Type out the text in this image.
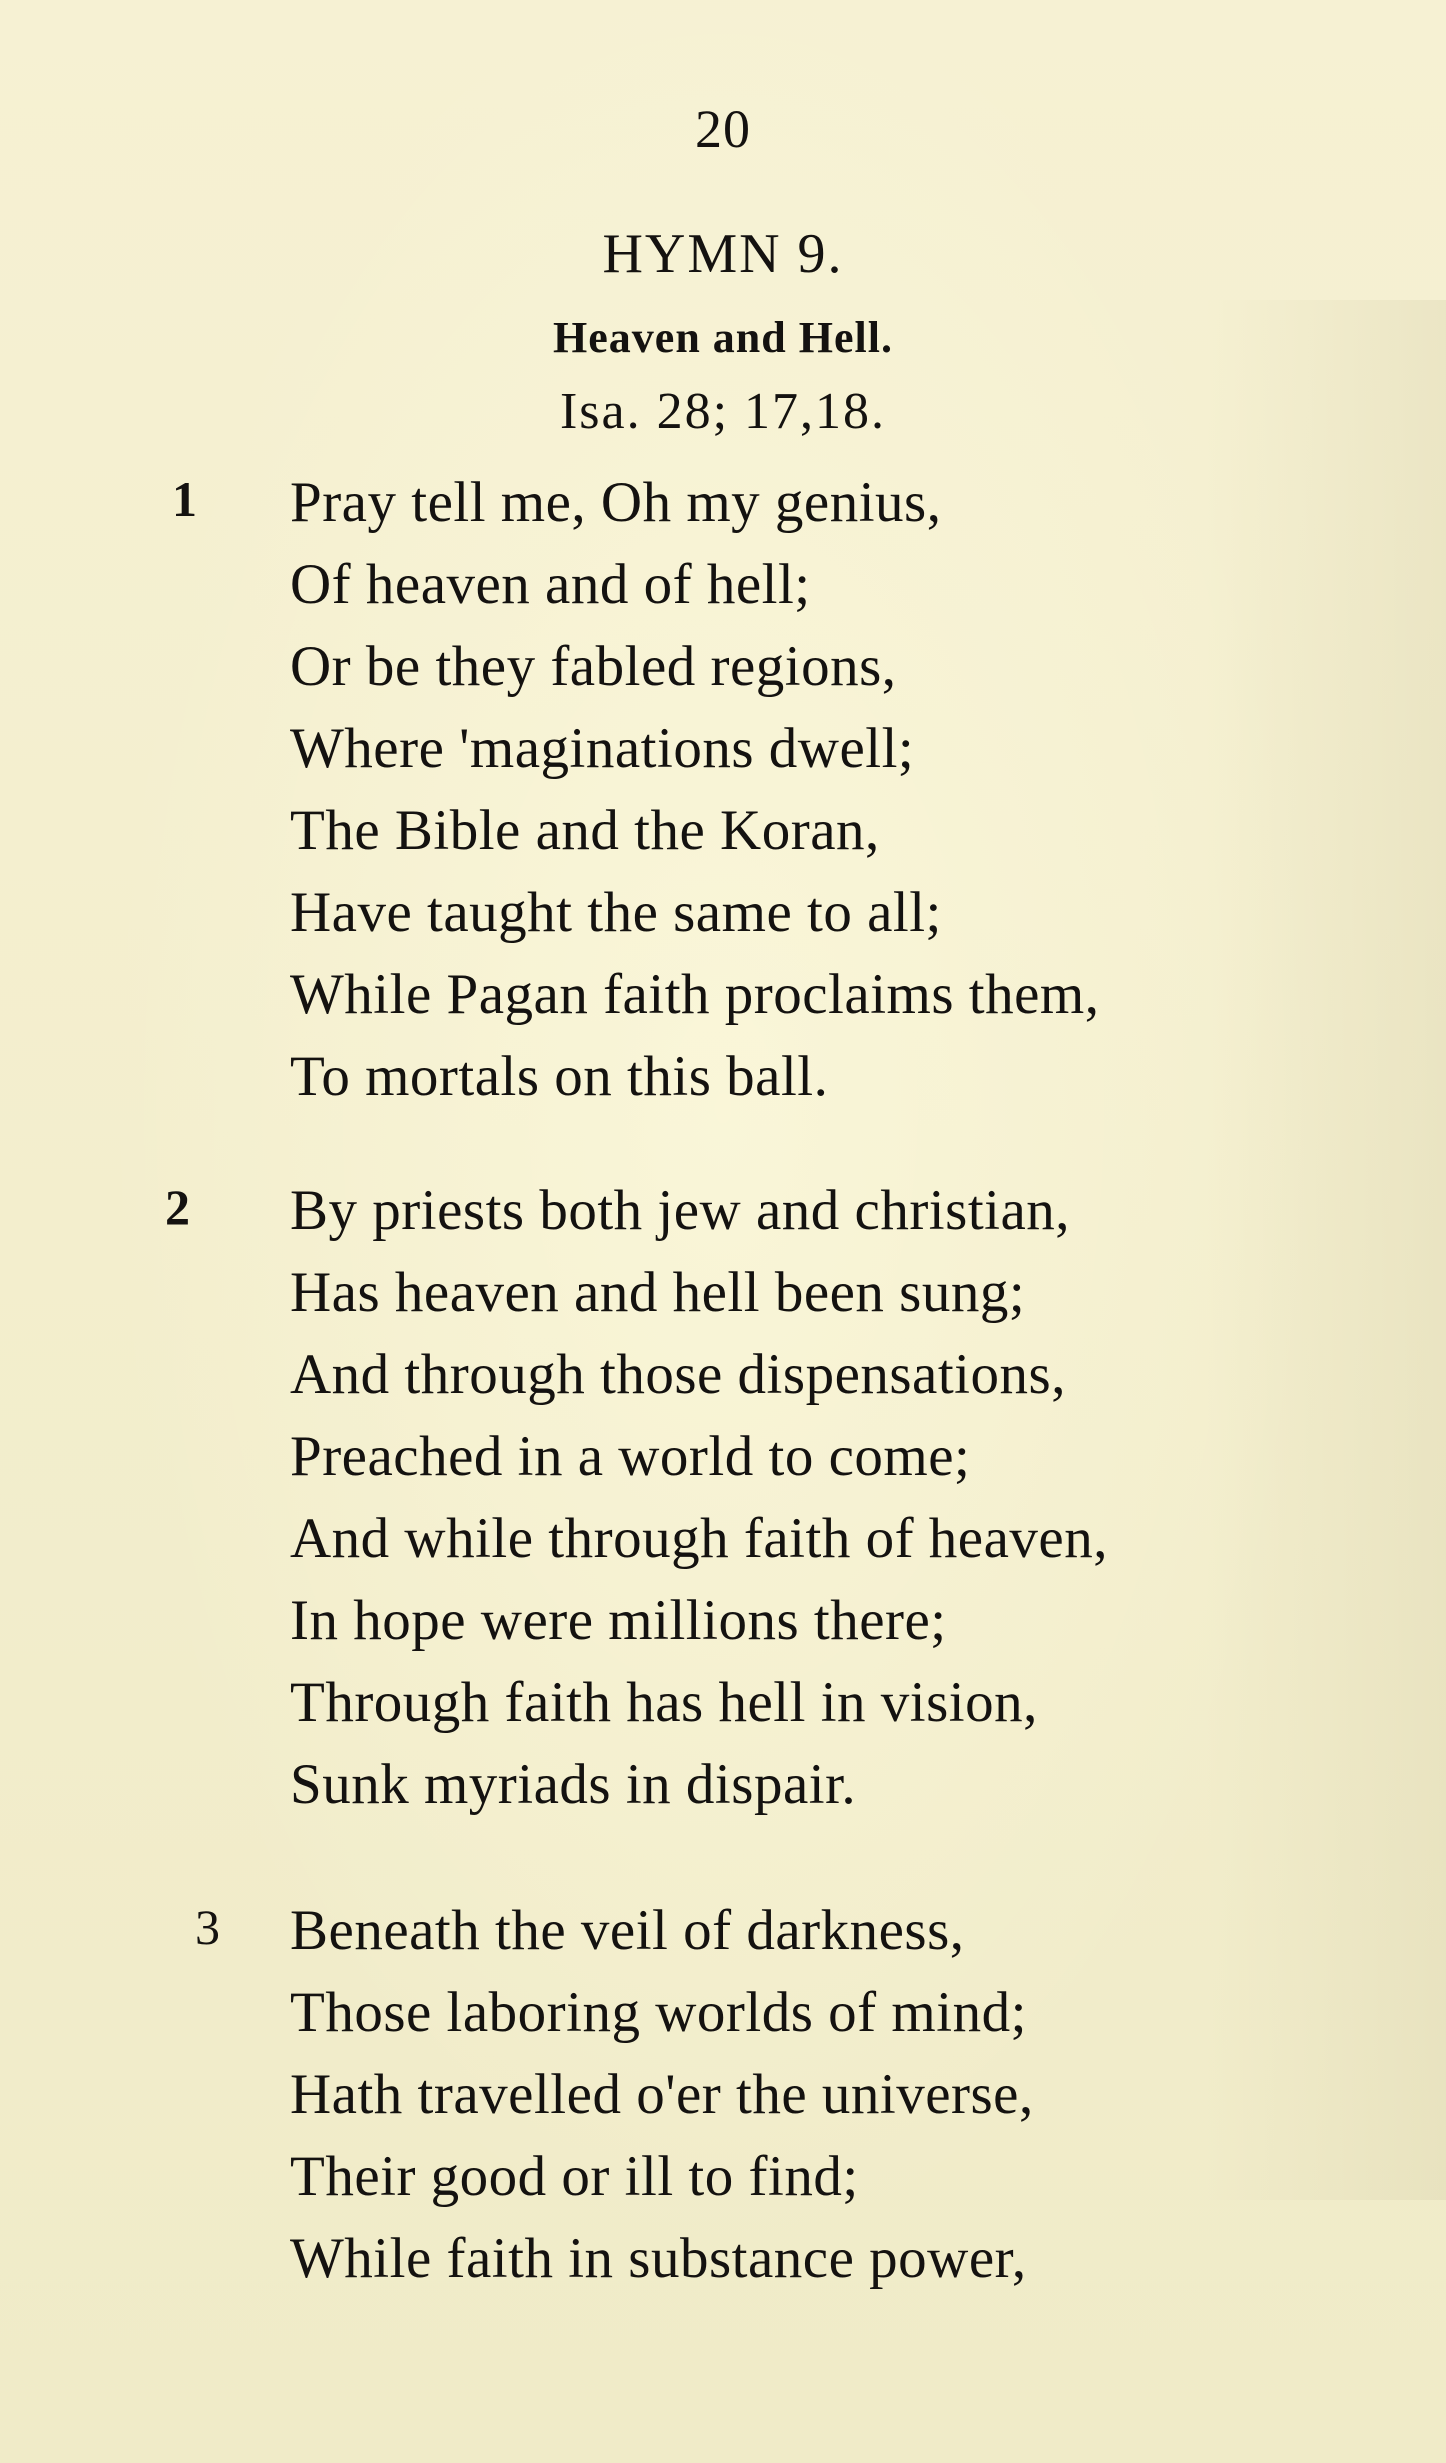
20
HYMN 9.
Heaven and Hell.
Isa. 28; 17,18.
1 Pray tell me, Oh my genius,
Of heaven and of hell;
Or be they fabled regions,
Where 'maginations dwell;
The Bible and the Koran,
Have taught the same to all;
While Pagan faith proclaims them,
To mortals on this ball.
2 By priests both jew and christian,
Has heaven and hell been sung;
And through those dispensations,
Preached in a world to come;
And while through faith of heaven,
In hope were millions there;
Through faith has hell in vision,
Sunk myriads in dispair.
3 Beneath the veil of darkness,
Those laboring worlds of mind;
Hath travelled o'er the universe,
Their good or ill to find;
While faith in substance power,
